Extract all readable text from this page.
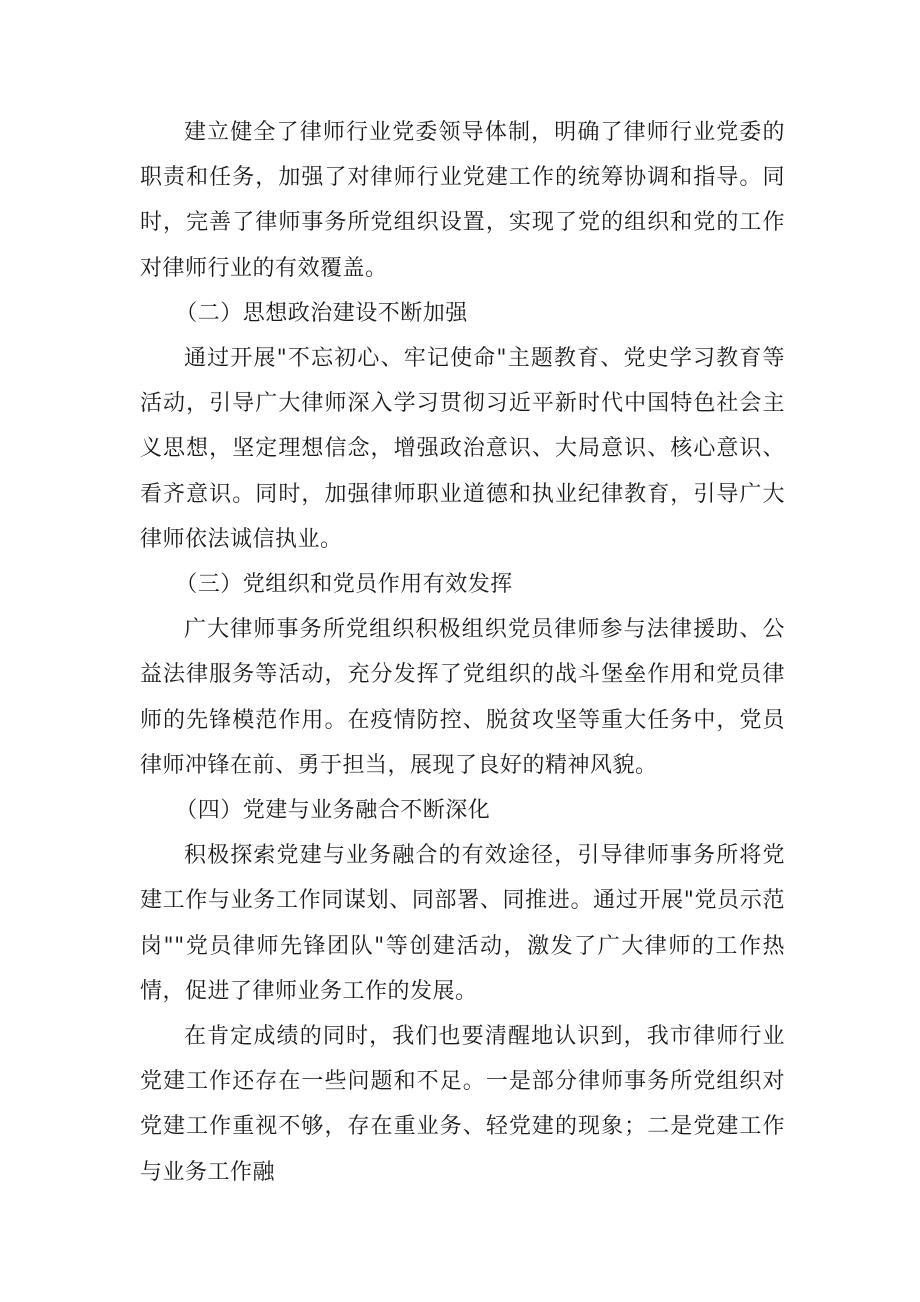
建立健全了律师行业党委领导体制，明确了律师行业党委的职责和任务，加强了对律师行业党建工作的统筹协调和指导。同时，完善了律师事务所党组织设置，实现了党的组织和党的工作对律师行业的有效覆盖。

（二）思想政治建设不断加强

通过开展"不忘初心、牢记使命"主题教育、党史学习教育等活动，引导广大律师深入学习贯彻习近平新时代中国特色社会主义思想，坚定理想信念，增强政治意识、大局意识、核心意识、看齐意识。同时，加强律师职业道德和执业纪律教育，引导广大律师依法诚信执业。

（三）党组织和党员作用有效发挥

广大律师事务所党组织积极组织党员律师参与法律援助、公益法律服务等活动，充分发挥了党组织的战斗堡垒作用和党员律师的先锋模范作用。在疫情防控、脱贫攻坚等重大任务中，党员律师冲锋在前、勇于担当，展现了良好的精神风貌。

（四）党建与业务融合不断深化

积极探索党建与业务融合的有效途径，引导律师事务所将党建工作与业务工作同谋划、同部署、同推进。通过开展"党员示范岗""党员律师先锋团队"等创建活动，激发了广大律师的工作热情，促进了律师业务工作的发展。

在肯定成绩的同时，我们也要清醒地认识到，我市律师行业党建工作还存在一些问题和不足。一是部分律师事务所党组织对党建工作重视不够，存在重业务、轻党建的现象；二是党建工作与业务工作融
